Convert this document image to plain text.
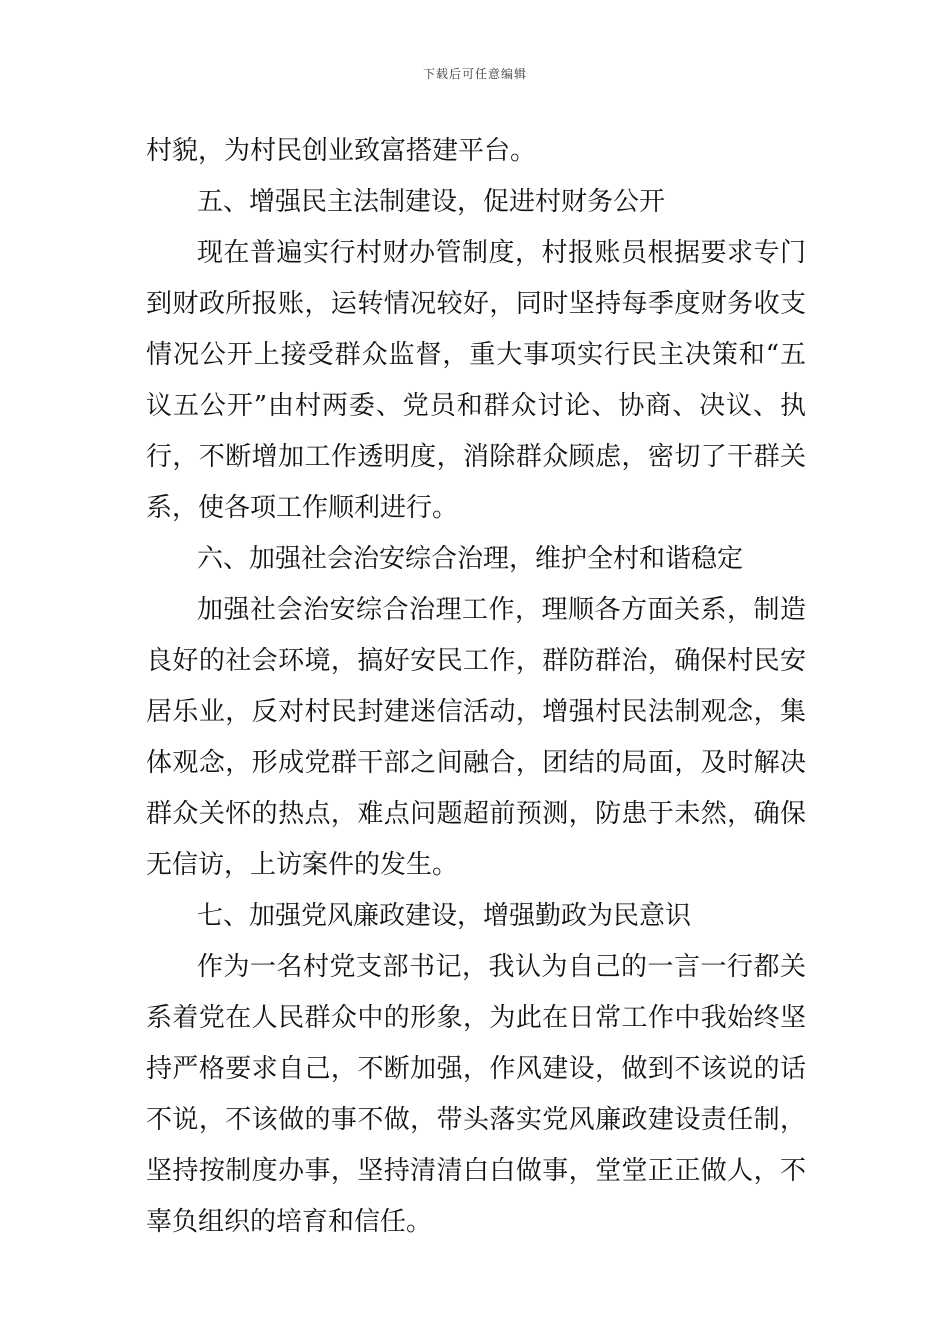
下载后可任意编辑
村貌，为村民创业致富搭建平台。
五、增强民主法制建设，促进村财务公开
现在普遍实行村财办管制度，村报账员根据要求专门
到财政所报账，运转情况较好，同时坚持每季度财务收支
情况公开上接受群众监督，重大事项实行民主决策和“五
议五公开”由村两委、党员和群众讨论、协商、决议、执
行，不断增加工作透明度，消除群众顾虑，密切了干群关
系，使各项工作顺利进行。
六、加强社会治安综合治理，维护全村和谐稳定
加强社会治安综合治理工作，理顺各方面关系，制造
良好的社会环境，搞好安民工作，群防群治，确保村民安
居乐业，反对村民封建迷信活动，增强村民法制观念，集
体观念，形成党群干部之间融合，团结的局面，及时解决
群众关怀的热点，难点问题超前预测，防患于未然，确保
无信访，上访案件的发生。
七、加强党风廉政建设，增强勤政为民意识
作为一名村党支部书记，我认为自己的一言一行都关
系着党在人民群众中的形象，为此在日常工作中我始终坚
持严格要求自己，不断加强，作风建设，做到不该说的话
不说，不该做的事不做，带头落实党风廉政建设责任制，
坚持按制度办事，坚持清清白白做事，堂堂正正做人，不
辜负组织的培育和信任。
